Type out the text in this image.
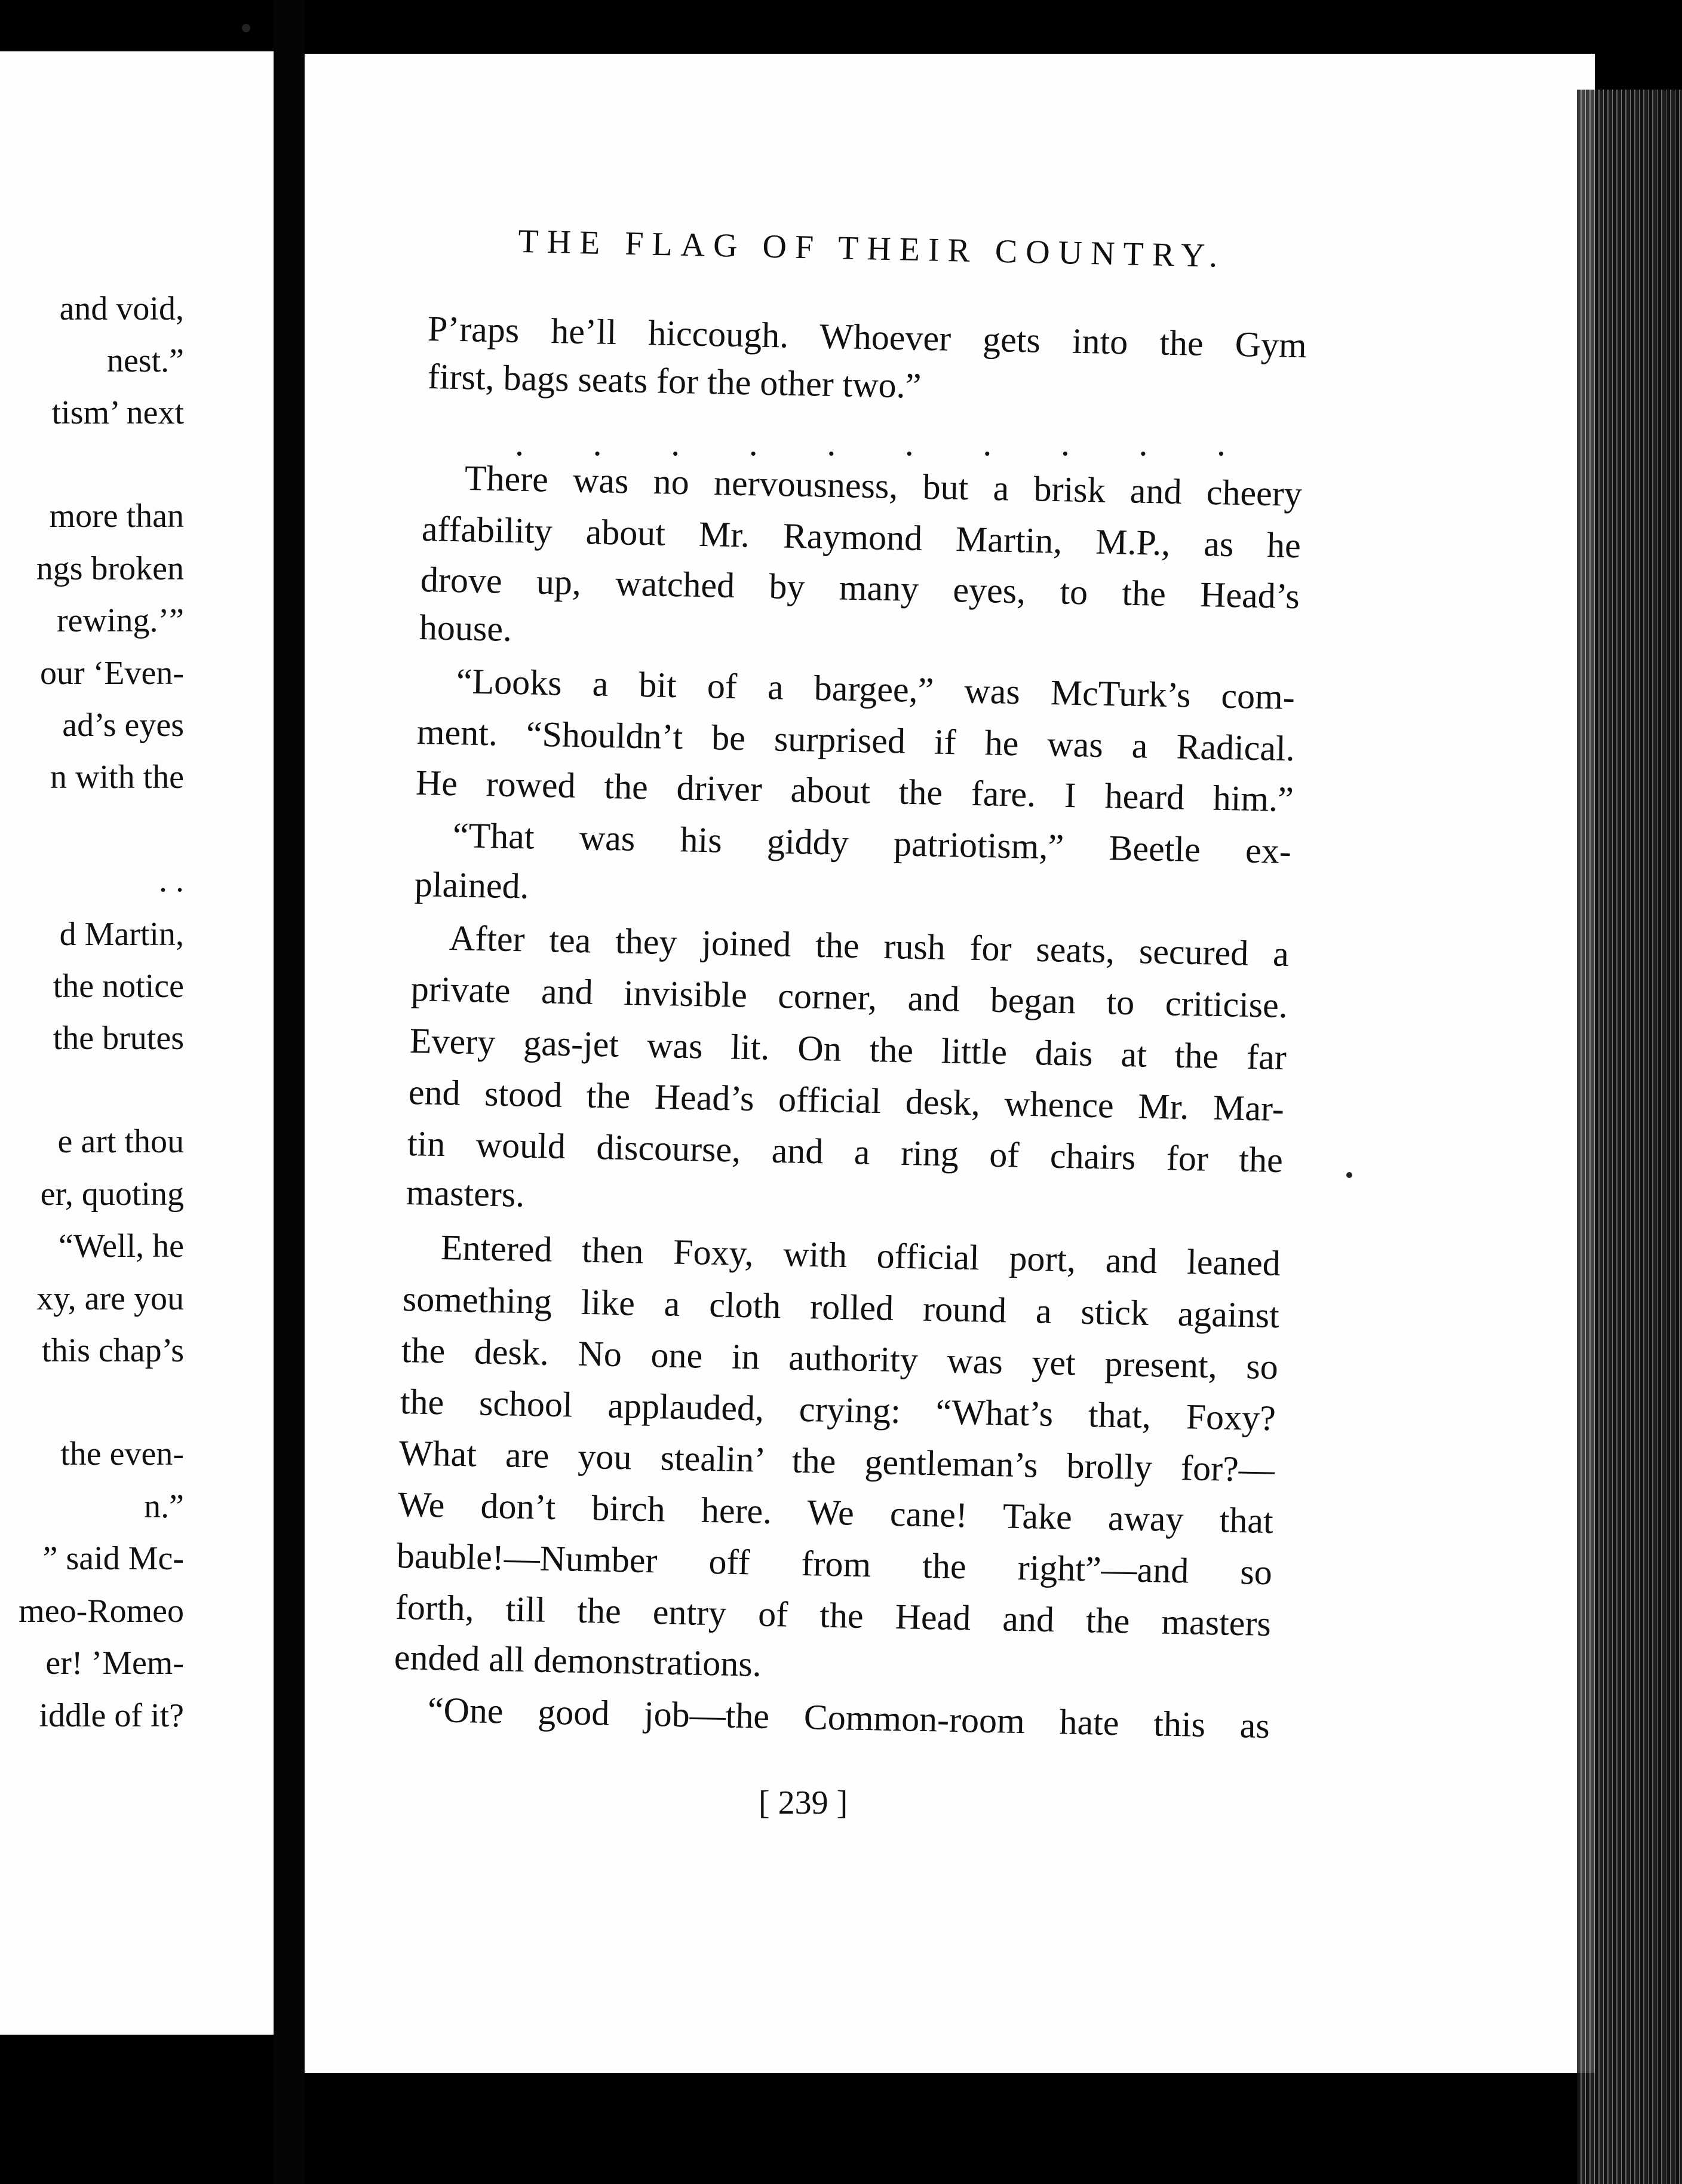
and void,
nest.”
tism’ next
more than
ngs broken
rewing.’”
our ‘Even-
ad’s eyes
n with the
. .
d Martin,
the notice
the brutes
e art thou
er, quoting
“Well, he
xy, are you
this chap’s
the even-
n.”
” said Mc-
meo-Romeo
er! ’Mem-
iddle of it?
THE FLAG OF THEIR COUNTRY.
P’raps he’ll hiccough. Whoever gets into the Gym
first, bags seats for the other two.”
. . . . . . . . . .
There was no nervousness, but a brisk and cheery
affability about Mr. Raymond Martin, M.P., as he
drove up, watched by many eyes, to the Head’s
house.
“Looks a bit of a bargee,” was McTurk’s com-
ment. “Shouldn’t be surprised if he was a Radical.
He rowed the driver about the fare. I heard him.”
“That was his giddy patriotism,” Beetle ex-
plained.
After tea they joined the rush for seats, secured a
private and invisible corner, and began to criticise.
Every gas-jet was lit. On the little dais at the far
end stood the Head’s official desk, whence Mr. Mar-
tin would discourse, and a ring of chairs for the
masters.
Entered then Foxy, with official port, and leaned
something like a cloth rolled round a stick against
the desk. No one in authority was yet present, so
the school applauded, crying: “What’s that, Foxy?
What are you stealin’ the gentleman’s brolly for?—
We don’t birch here. We cane! Take away that
bauble!—Number off from the right”—and so
forth, till the entry of the Head and the masters
ended all demonstrations.
“One good job—the Common-room hate this as
[ 239 ]
